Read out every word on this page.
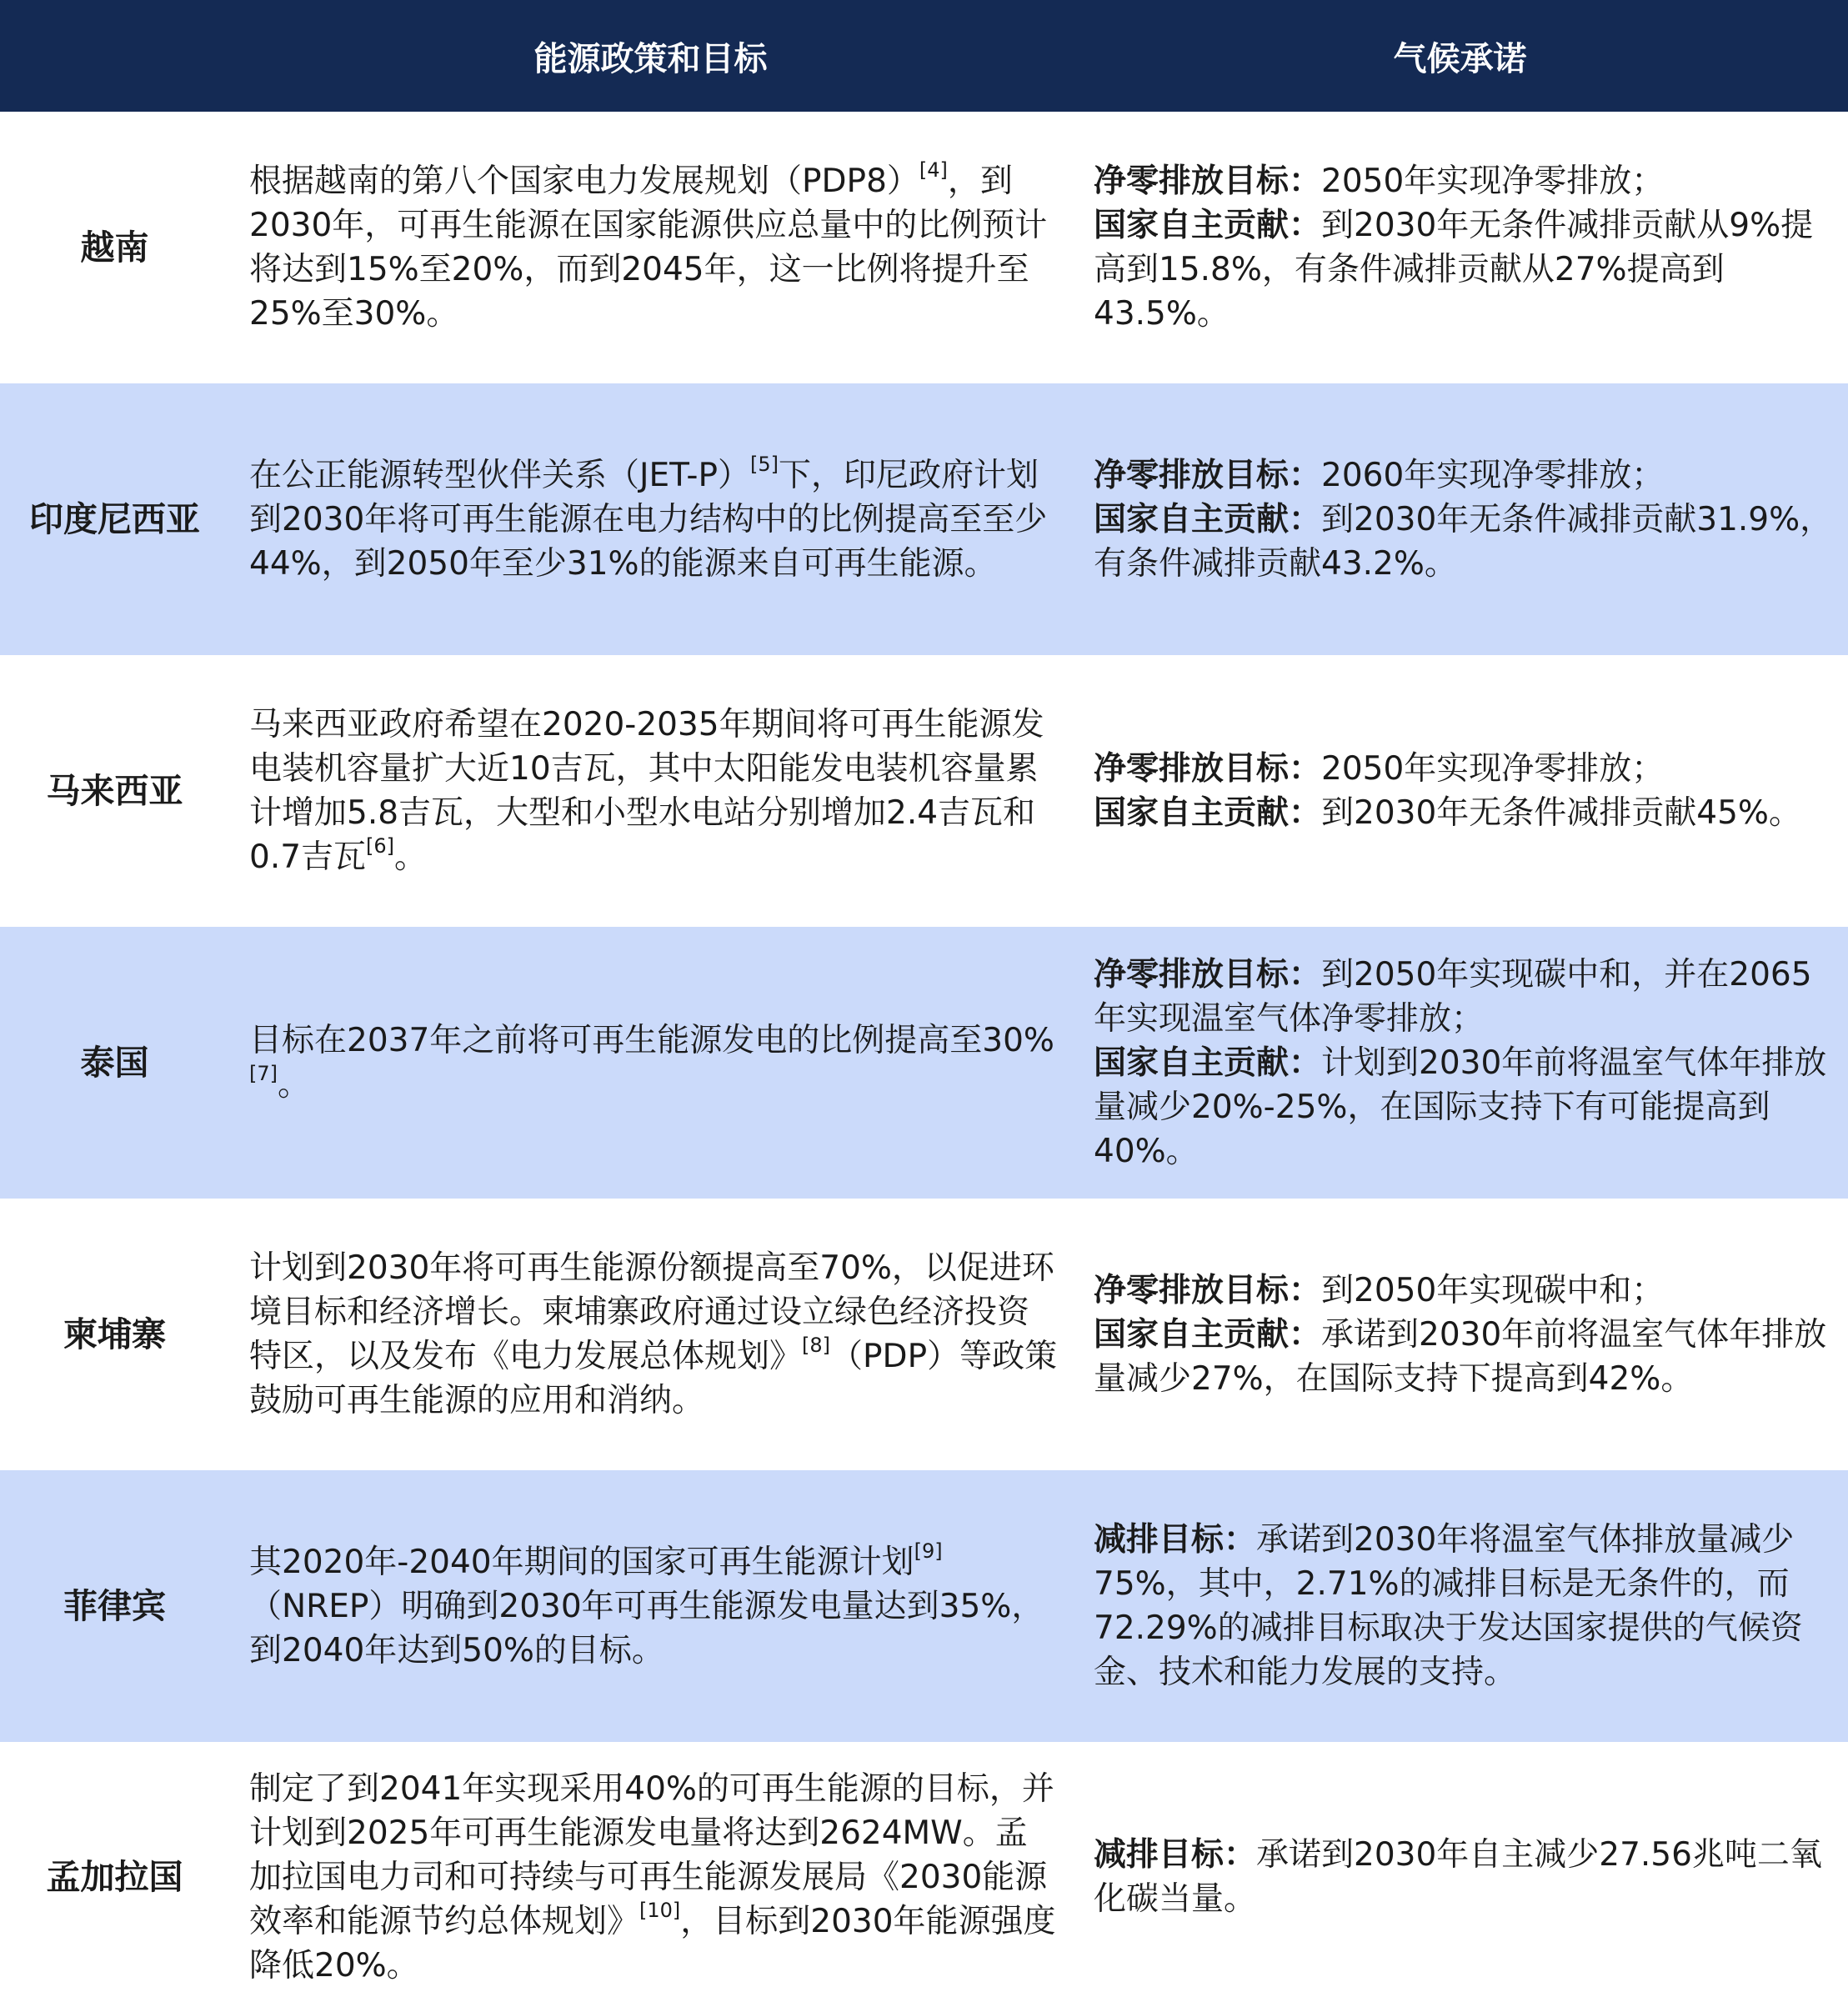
能源政策和目标	气候承诺
越南
根据越南的第八个国家电力发展规划（PDP8）[4]，到2030年，可再生能源在国家能源供应总量中的比例预计将达到15%至20%，而到2045年，这一比例将提升至25%至30%。
净零排放目标：2050年实现净零排放；
国家自主贡献：到2030年无条件减排贡献从9%提高到15.8%，有条件减排贡献从27%提高到43.5%。
印度尼西亚
在公正能源转型伙伴关系（JET-P）[5]下，印尼政府计划到2030年将可再生能源在电力结构中的比例提高至至少44%，到2050年至少31%的能源来自可再生能源。
净零排放目标：2060年实现净零排放；
国家自主贡献：到2030年无条件减排贡献31.9%，有条件减排贡献43.2%。
马来西亚
马来西亚政府希望在2020-2035年期间将可再生能源发电装机容量扩大近10吉瓦，其中太阳能发电装机容量累计增加5.8吉瓦，大型和小型水电站分别增加2.4吉瓦和0.7吉瓦[6]。
净零排放目标：2050年实现净零排放；
国家自主贡献：到2030年无条件减排贡献45%。
泰国
目标在2037年之前将可再生能源发电的比例提高至30%[7]。
净零排放目标：到2050年实现碳中和，并在2065年实现温室气体净零排放；
国家自主贡献：计划到2030年前将温室气体年排放量减少20%-25%，在国际支持下有可能提高到40%。
柬埔寨
计划到2030年将可再生能源份额提高至70%，以促进环境目标和经济增长。柬埔寨政府通过设立绿色经济投资特区，以及发布《电力发展总体规划》[8]（PDP）等政策鼓励可再生能源的应用和消纳。
净零排放目标：到2050年实现碳中和；
国家自主贡献：承诺到2030年前将温室气体年排放量减少27%，在国际支持下提高到42%。
菲律宾
其2020年-2040年期间的国家可再生能源计划[9]（NREP）明确到2030年可再生能源发电量达到35%，到2040年达到50%的目标。
减排目标：承诺到2030年将温室气体排放量减少75%，其中，2.71%的减排目标是无条件的，而72.29%的减排目标取决于发达国家提供的气候资金、技术和能力发展的支持。
孟加拉国
制定了到2041年实现采用40%的可再生能源的目标，并计划到2025年可再生能源发电量将达到2624MW。孟加拉国电力司和可持续与可再生能源发展局《2030能源效率和能源节约总体规划》[10]，目标到2030年能源强度降低20%。
减排目标：承诺到2030年自主减少27.56兆吨二氧化碳当量。
